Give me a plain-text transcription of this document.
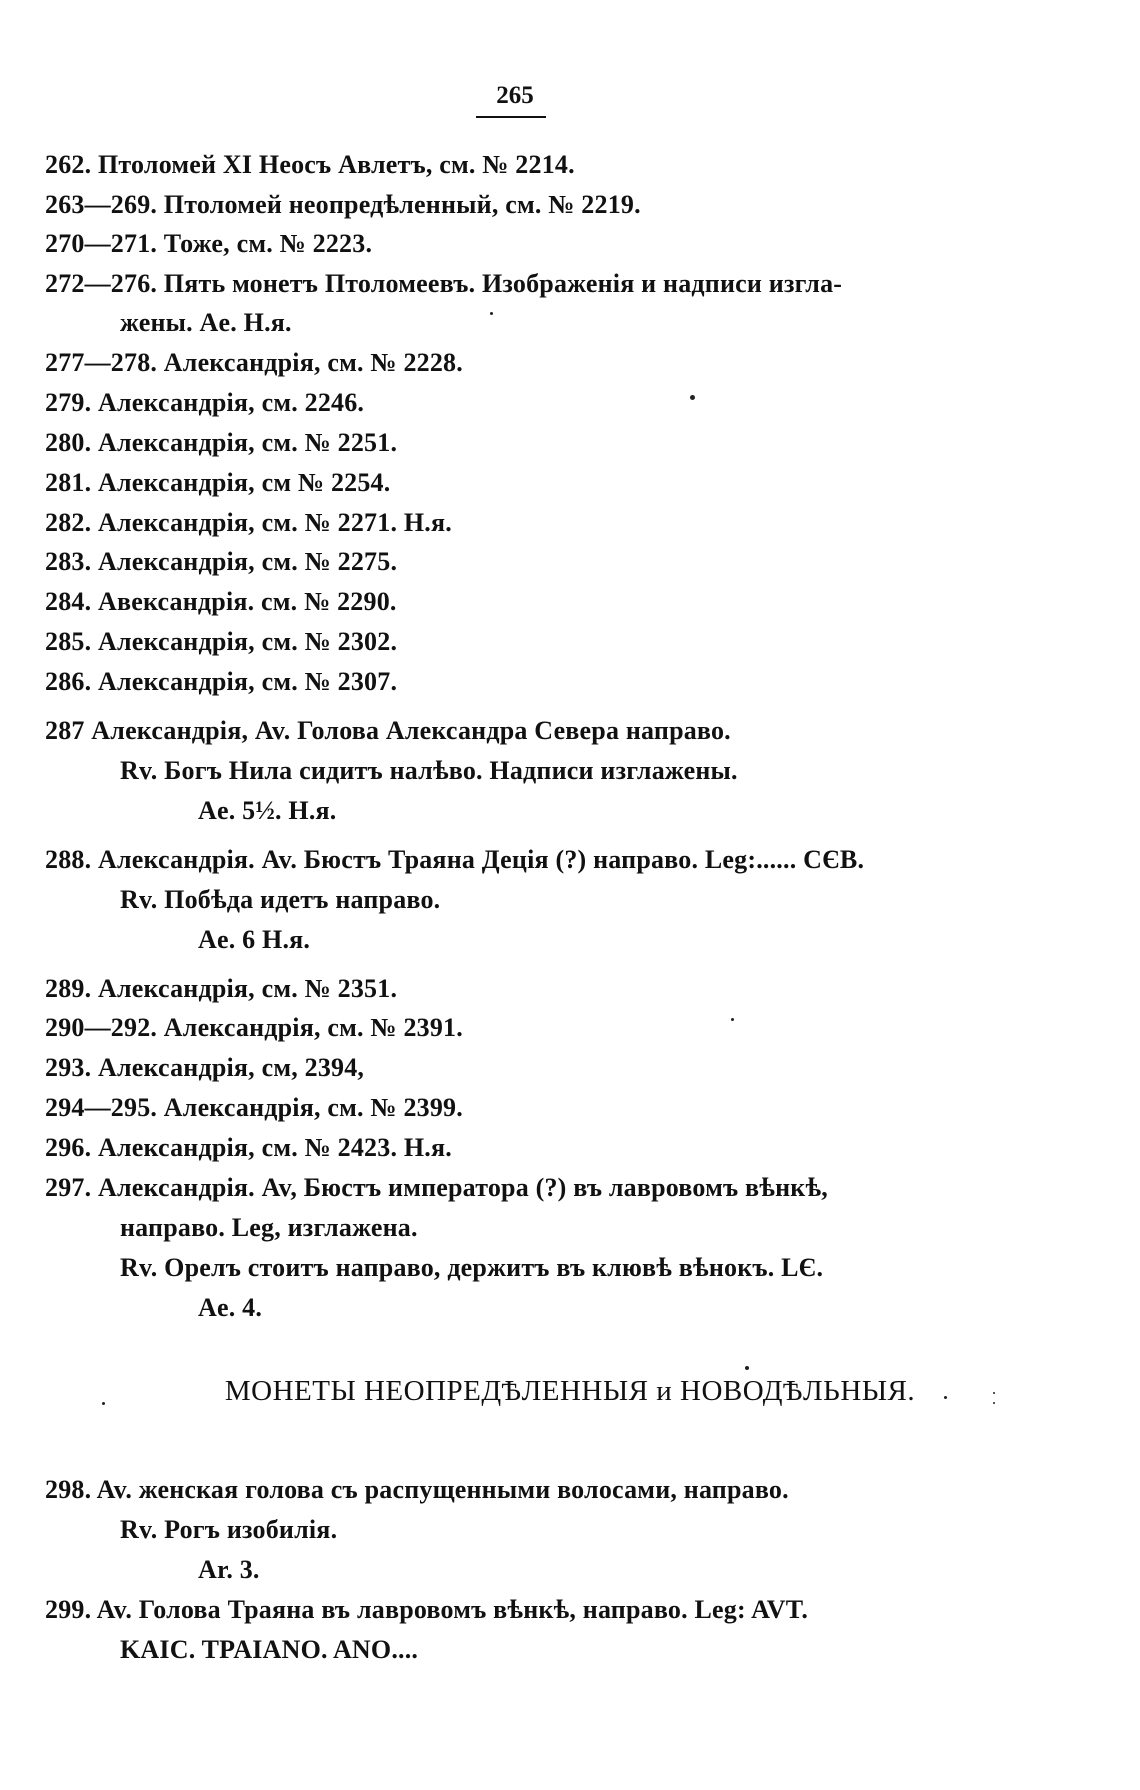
265
262. Птоломей XI Неосъ Авлетъ, см. № 2214.
263—269. Птоломей неопредѣленный, см. № 2219.
270—271. Тоже, см. № 2223.
272—276. Пять монетъ Птоломеевъ. Изображенія и надписи изгла-
жены. Ae. Н.я.
277—278. Александрія, см. № 2228.
279. Александрія, см. 2246.
280. Александрія, см. № 2251.
281. Александрія, см № 2254.
282. Александрія, см. № 2271. Н.я.
283. Александрія, см. № 2275.
284. Авександрія. см. № 2290.
285. Александрія, см. № 2302.
286. Александрія, см. № 2307.
287 Александрія, Av. Голова Александра Севера направо.
Rv. Богъ Нила сидитъ налѣво. Надписи изглажены.
Ae. 5½. Н.я.
288. Александрія. Av. Бюстъ Траяна Деція (?) направо. Leg:...... CЄB.
Rv. Побѣда идетъ направо.
Ae. 6 Н.я.
289. Александрія, см. № 2351.
290—292. Александрія, см. № 2391.
293. Александрія, см, 2394,
294—295. Александрія, см. № 2399.
296. Александрія, см. № 2423. Н.я.
297. Александрія. Av, Бюстъ императора (?) въ лавровомъ вѣнкѣ,
направо. Leg, изглажена.
Rv. Орелъ стоитъ направо, держитъ въ клювѣ вѣнокъ. LЄ.
Ae. 4.
МОНЕТЫ НЕОПРЕДѢЛЕННЫЯ и НОВОДѢЛЬНЫЯ.
298. Av. женская голова съ распущенными волосами, направо.
Rv. Рогъ изобилія.
Ar. 3.
299. Av. Голова Траяна въ лавровомъ вѣнкѣ, направо. Leg: AVT.
KAIC. TPAIANO. ANO....
